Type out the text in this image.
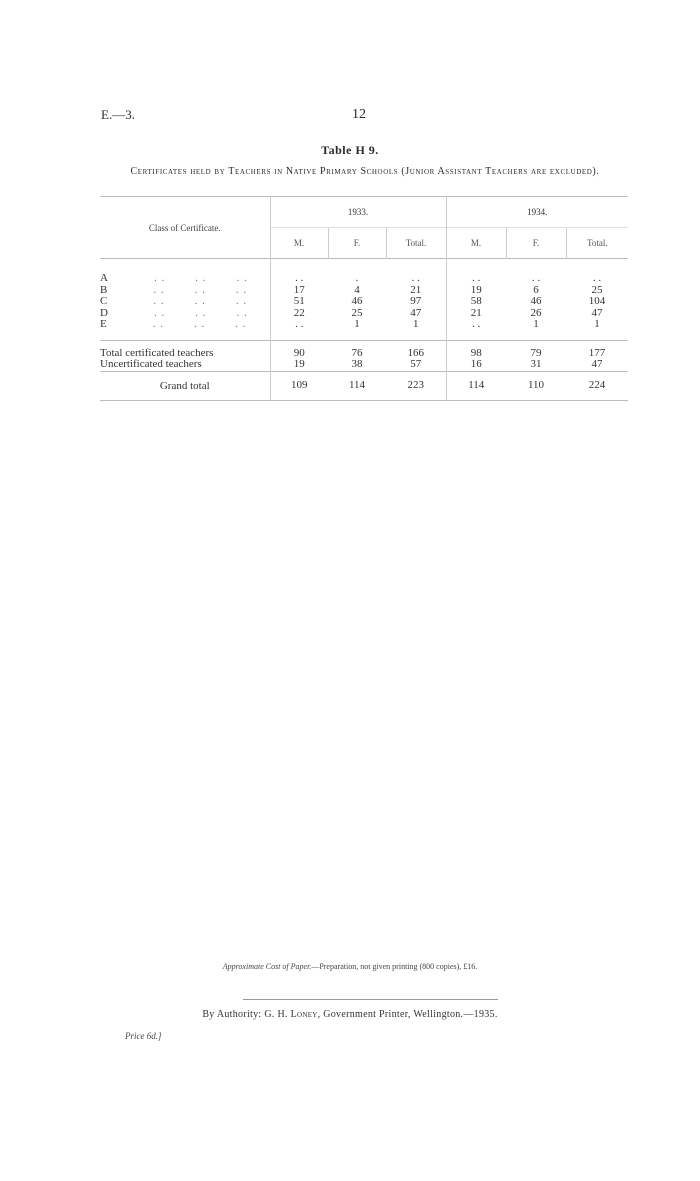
E.—3.	12
Table H 9.
Certificates held by Teachers in Native Primary Schools (Junior Assistant Teachers are excluded).
Class of Certificate.	1933.			1934.		
	M.	F.	Total.	M.	F.	Total.

A . .        . .        . .	. .	.	. .	. .	. .	. .
B . .        . .        . .	17	4	21	19	6	25
C . .        . .        . .	51	46	97	58	46	104
D . .        . .        . .	22	25	47	21	26	47
E . .        . .        . .	. .	1	1	. .	1	1

Total certificated teachers	90	76	166	98	79	177
Uncertificated teachers	19	38	57	16	31	47
Grand total	109	114	223	114	110	224

Approximate Cost of Paper.—Preparation, not given printing (800 copies), £16.
By Authority: G. H. Loney, Government Printer, Wellington.—1935.
Price 6d.]
